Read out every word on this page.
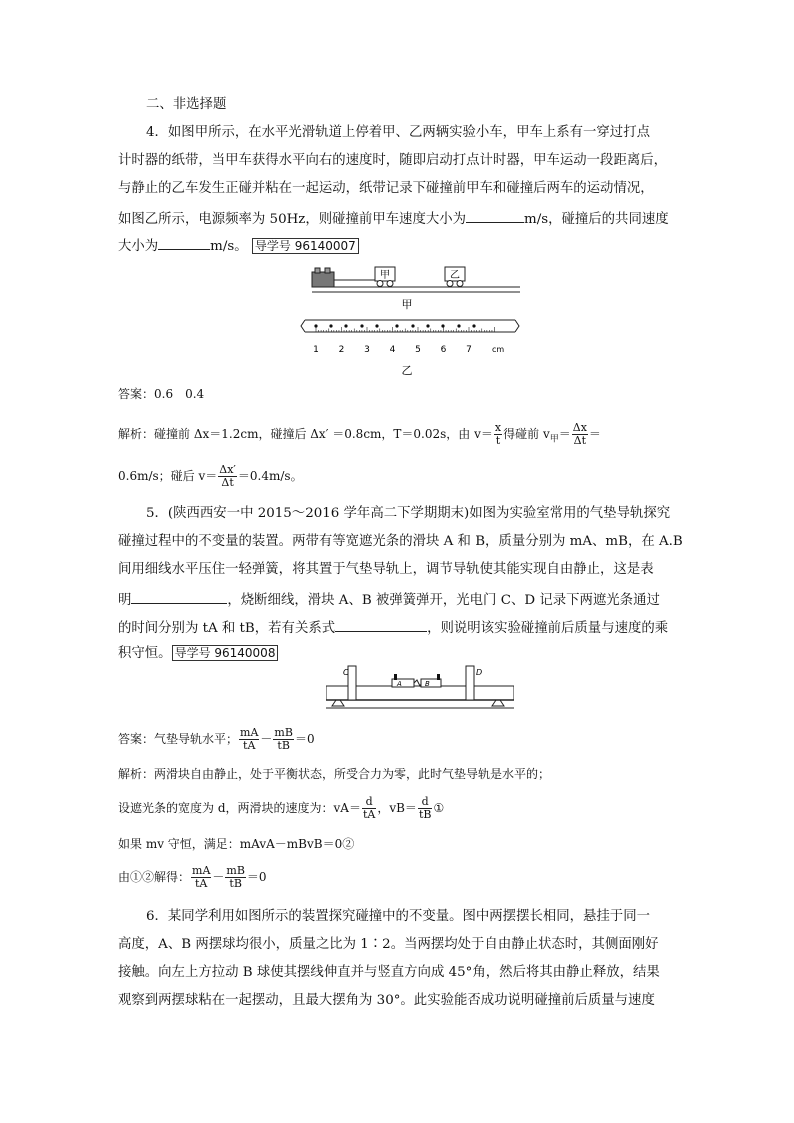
二、非选择题
4．如图甲所示，在水平光滑轨道上停着甲、乙两辆实验小车，甲车上系有一穿过打点
计时器的纸带，当甲车获得水平向右的速度时，随即启动打点计时器，甲车运动一段距离后，
与静止的乙车发生正碰并粘在一起运动，纸带记录下碰撞前甲车和碰撞后两车的运动情况，
如图乙所示，电源频率为 50Hz，则碰撞前甲车速度大小为	m/s，碰撞后的共同速度
大小为	m/s。 导学号 96140007
甲	乙
甲
1 2 3 4 5 6 7	cm
乙
答案：0.6　0.4
解析：碰撞前 Δx＝1.2cm，碰撞后 Δx′ ＝0.8cm，T＝0.02s，由 $v= \frac{x}{t}$ 得碰前 $v_甲= \frac{\Delta x}{\Delta t}$ ＝
0.6m/s；碰后 $v= \frac{\Delta x'}{\Delta t} =0.4m/s$。
5．(陕西西安一中 2015～2016 学年高二下学期期末)如图为实验室常用的气垫导轨探究
碰撞过程中的不变量的装置。两带有等宽遮光条的滑块 A 和 B，质量分别为 mA、mB，在 A.B
间用细线水平压住一轻弹簧，将其置于气垫导轨上，调节导轨使其能实现自由静止，这是表
明	，烧断细线，滑块 A、B 被弹簧弹开，光电门 C、D 记录下两遮光条通过
的时间分别为 tA 和 tB，若有关系式	，则说明该实验碰撞前后质量与速度的乘
积守恒。 导学号 96140008
C	D
A	B
答案：气垫导轨水平； $\frac{mA}{tA} - \frac{mB}{tB} =0$
解析：两滑块自由静止，处于平衡状态，所受合力为零，此时气垫导轨是水平的；
设遮光条的宽度为 d，两滑块的速度为：$vA= \frac{d}{tA}$ ，$vB= \frac{d}{tB}$ ①
如果 mv 守恒，满足：mAvA－mBvB＝0②
由①②解得： $\frac{mA}{tA} - \frac{mB}{tB} =0$
6．某同学利用如图所示的装置探究碰撞中的不变量。图中两摆摆长相同，悬挂于同一
高度，A、B 两摆球均很小，质量之比为 1∶2。当两摆均处于自由静止状态时，其侧面刚好
接触。向左上方拉动 B 球使其摆线伸直并与竖直方向成 45°角，然后将其由静止释放，结果
观察到两摆球粘在一起摆动，且最大摆角为 30°。此实验能否成功说明碰撞前后质量与速度
